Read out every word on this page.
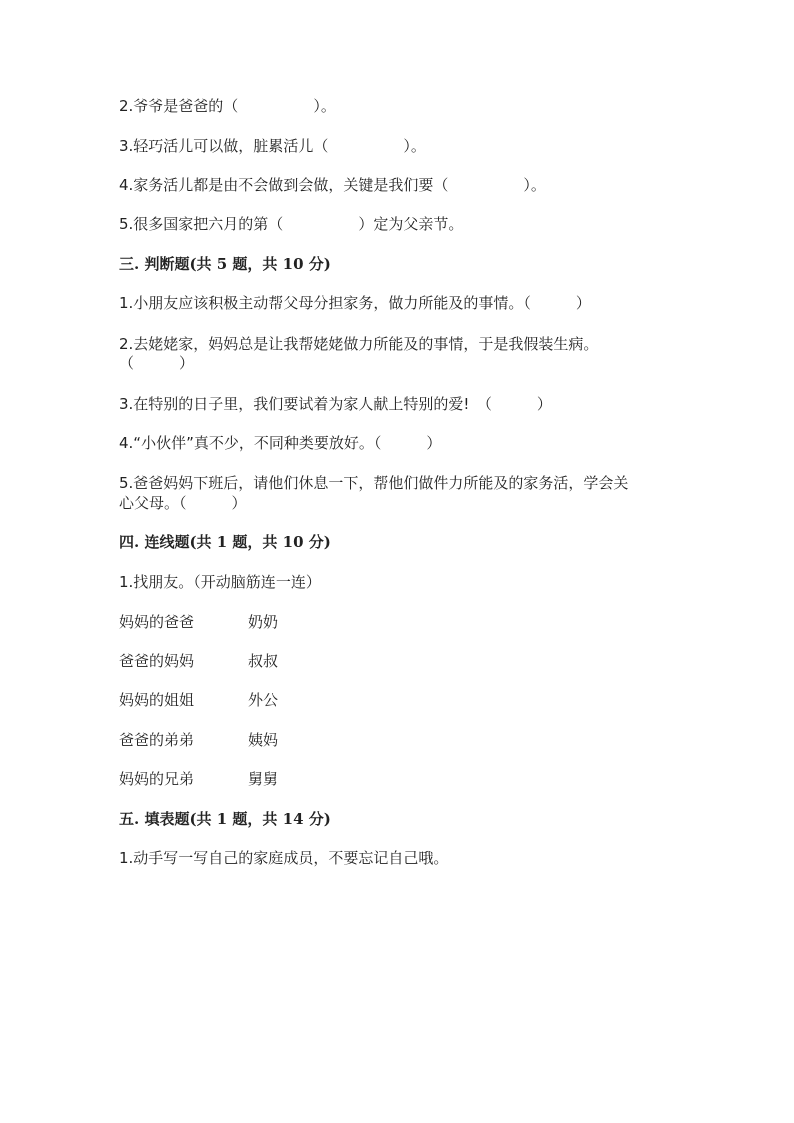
2.爷爷是爸爸的（　　　　　）。
3.轻巧活儿可以做，脏累活儿（　　　　　）。
4.家务活儿都是由不会做到会做，关键是我们要（　　　　　）。
5.很多国家把六月的第（　　　　　）定为父亲节。
三. 判断题(共 5 题，共 10 分)
1.小朋友应该积极主动帮父母分担家务，做力所能及的事情。（　　　）
2.去姥姥家，妈妈总是让我帮姥姥做力所能及的事情，于是我假装生病。
（　　　）
3.在特别的日子里，我们要试着为家人献上特别的爱!　（　　　）
4.“小伙伴”真不少，不同种类要放好。（　　　）
5.爸爸妈妈下班后，请他们休息一下，帮他们做件力所能及的家务活，学会关
心父母。（　　　）
四. 连线题(共 1 题，共 10 分)
1.找朋友。（开动脑筋连一连）
妈妈的爸爸	奶奶
爸爸的妈妈	叔叔
妈妈的姐姐	外公
爸爸的弟弟	姨妈
妈妈的兄弟	舅舅
五. 填表题(共 1 题，共 14 分)
1.动手写一写自己的家庭成员，不要忘记自己哦。
